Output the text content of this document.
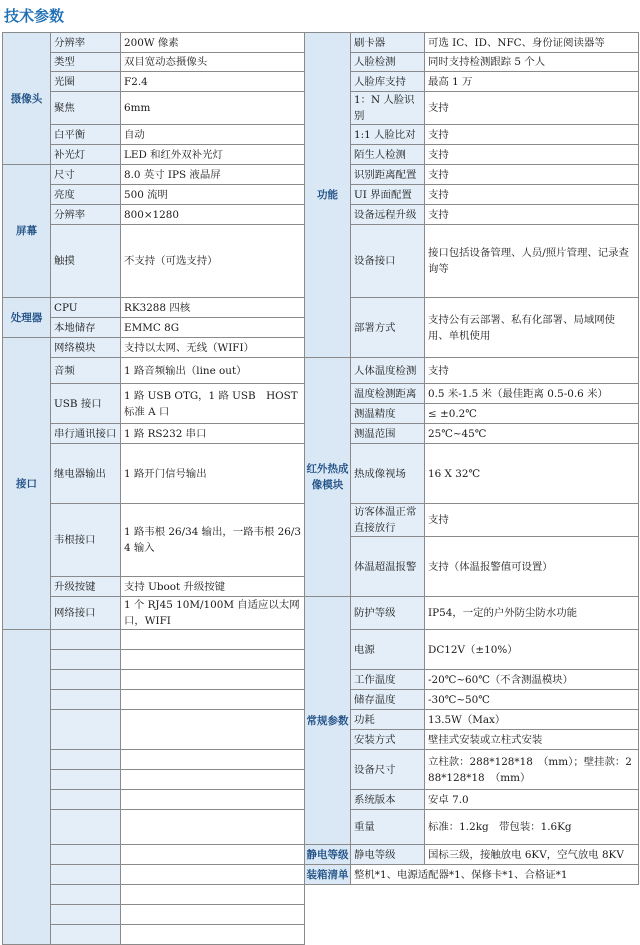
技术参数
摄像头	分辨率	200W 像素	功能	刷卡器	可选 IC、ID、NFC、身份证阅读器等
	类型	双目宽动态摄像头		人脸检测	同时支持检测跟踪 5 个人
	光圈	F2.4		人脸库支持	最高 1 万
	聚焦	6mm		1：N 人脸识别	支持
	白平衡	自动		1:1 人脸比对	支持
	补光灯	LED 和红外双补光灯		陌生人检测	支持
屏幕	尺寸	8.0 英寸 IPS 液晶屏		识别距离配置	支持
	亮度	500 流明		UI 界面配置	支持
	分辨率	800×1280		设备远程升级	支持
	触摸	不支持（可选支持）		设备接口	接口包括设备管理、人员/照片管理、记录查询等

处理器	CPU	RK3288 四核		部署方式	支持公有云部署、私有化部署、局域网使用、单机使用
	本地储存	EMMC 8G			
接口	网络模块	支持以太网、无线（WIFI）			
	音频	1 路音频输出（line out）	红外热成像模块	人体温度检测	支持
	USB 接口	1 路 USB OTG，1 路 USB　HOST 标准 A 口		温度检测距离	0.5 米-1.5 米（最佳距离 0.5-0.6 米）
				测温精度	≤ ±0.2℃
	串行通讯接口	1 路 RS232 串口		测温范围	25℃~45℃
	继电器输出	1 路开门信号输出		热成像视场	16 X 32℃

	韦根接口	1 路韦根 26/34 输出，一路韦根 26/34 输入		访客体温正常直接放行	支持
				体温超温报警	支持（体温报警值可设置）
	升级按键	支持 Uboot 升级按键			
	网络接口	1 个 RJ45 10M/100M 自适应以太网口，WIFI	常规参数	防护等级	IP54，一定的户外防尘防水功能
				电源	DC12V（±10%）

				工作温度	-20℃~60℃（不含测温模块）
				储存温度	-30℃~50℃
				功耗	13.5W（Max）
				安装方式	壁挂式安装或立柱式安装
				设备尺寸	立柱款：288*128*18　（mm）；壁挂款：288*128*18　（mm）

				系统版本	安卓 7.0
				重量	标准：1.2kg　带包装：1.6Kg
			静电等级	静电等级	国标三级，接触放电 6KV，空气放电 8KV
			装箱清单	整机*1、电源适配器*1、保修卡*1、合格证*1	
